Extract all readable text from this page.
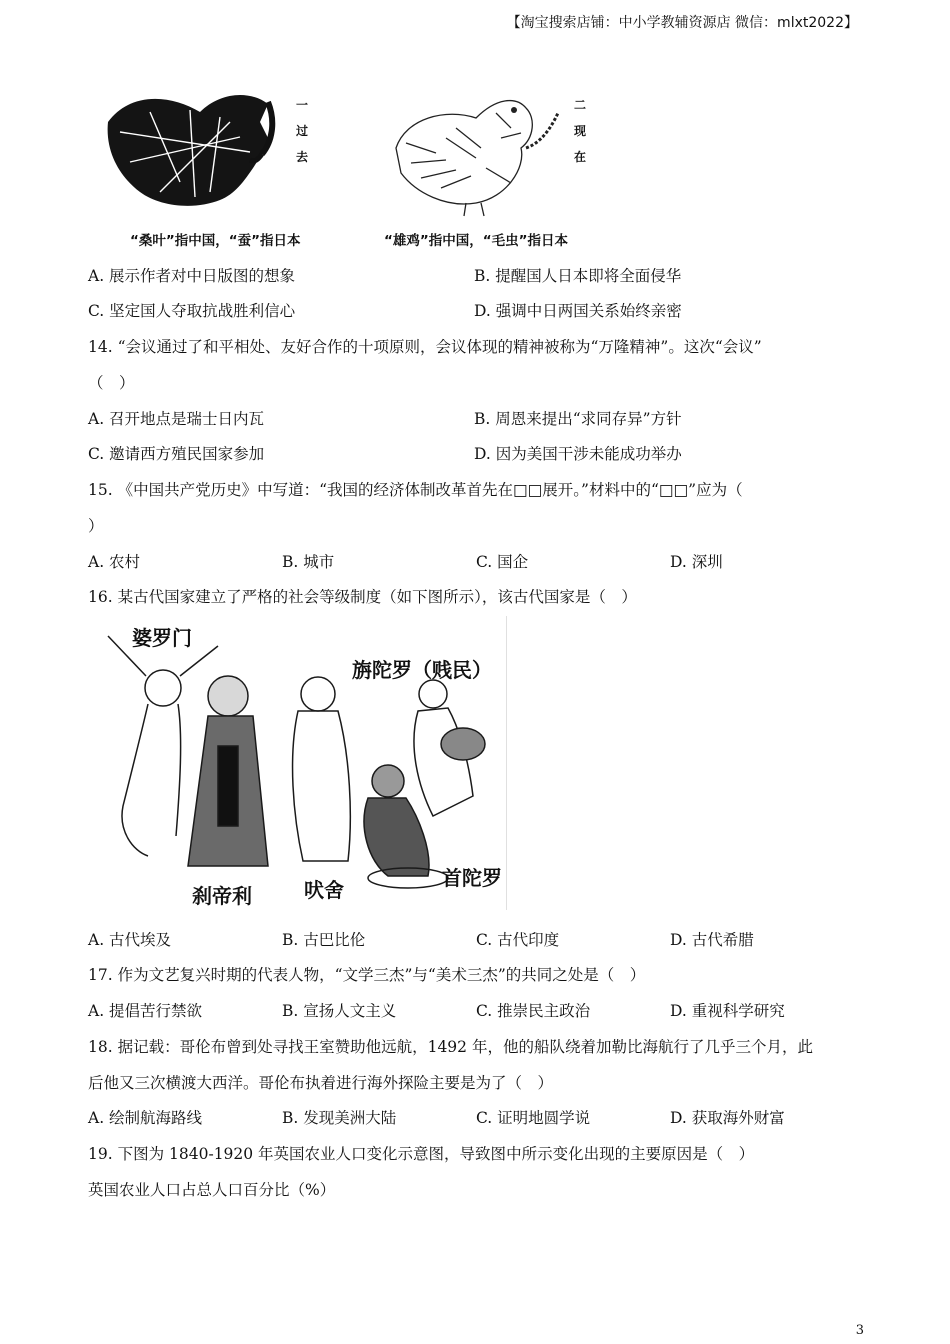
【淘宝搜索店铺：中小学教辅资源店 微信：mlxt2022】
一
过
去
“桑叶”指中国，“蚕”指日本
二
现
在
“雄鸡”指中国，“毛虫”指日本
A. 展示作者对中日版图的想象	B. 提醒国人日本即将全面侵华
C. 坚定国人夺取抗战胜利信心	D. 强调中日两国关系始终亲密
14. “会议通过了和平相处、友好合作的十项原则，会议体现的精神被称为“万隆精神”。这次“会议”
（　）
A. 召开地点是瑞士日内瓦	B. 周恩来提出“求同存异”方针
C. 邀请西方殖民国家参加	D. 因为美国干涉未能成功举办
15. 《中国共产党历史》中写道：“我国的经济体制改革首先在□□展开。”材料中的“□□”应为（
）
A. 农村	B. 城市	C. 国企	D. 深圳
16. 某古代国家建立了严格的社会等级制度（如下图所示），该古代国家是（　）
婆罗门
旃陀罗（贱民）
刹帝利	吠舍	首陀罗
A. 古代埃及	B. 古巴比伦	C. 古代印度	D. 古代希腊
17. 作为文艺复兴时期的代表人物，“文学三杰”与“美术三杰”的共同之处是（　）
A. 提倡苦行禁欲	B. 宣扬人文主义	C. 推崇民主政治	D. 重视科学研究
18. 据记载：哥伦布曾到处寻找王室赞助他远航，1492 年，他的船队绕着加勒比海航行了几乎三个月，此
后他又三次横渡大西洋。哥伦布执着进行海外探险主要是为了（　）
A. 绘制航海路线	B. 发现美洲大陆	C. 证明地圆学说	D. 获取海外财富
19. 下图为 1840-1920 年英国农业人口变化示意图，导致图中所示变化出现的主要原因是（　）
英国农业人口占总人口百分比（%）
3
